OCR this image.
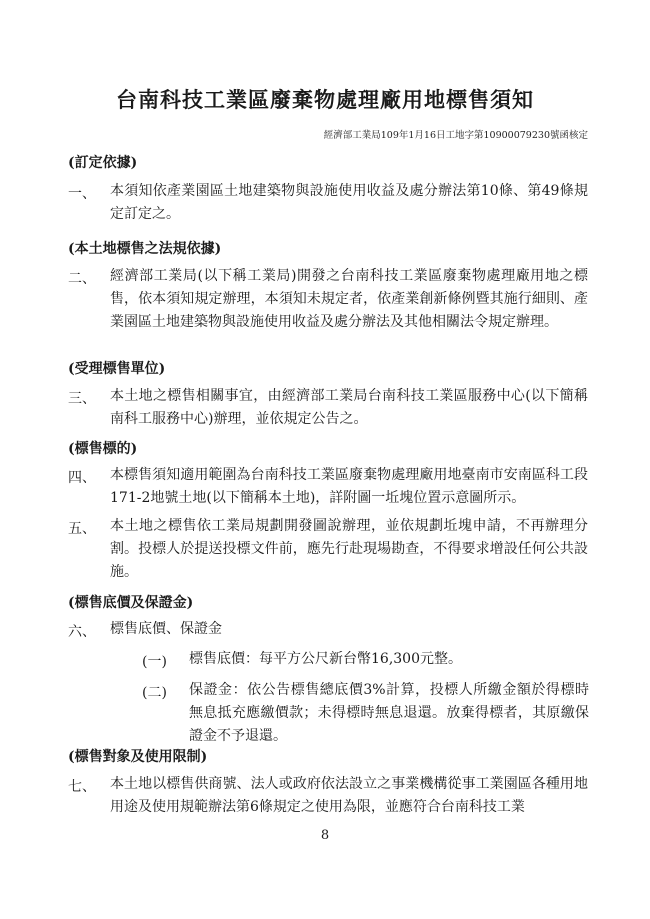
台南科技工業區廢棄物處理廠用地標售須知
經濟部工業局109年1月16日工地字第10900079230號函核定
(訂定依據)
一、 本須知依產業園區土地建築物與設施使用收益及處分辦法第10條、第49條規定訂定之。
(本土地標售之法規依據)
二、 經濟部工業局(以下稱工業局)開發之台南科技工業區廢棄物處理廠用地之標售，依本須知規定辦理，本須知未規定者，依產業創新條例暨其施行細則、產業園區土地建築物與設施使用收益及處分辦法及其他相關法令規定辦理。
(受理標售單位)
三、 本土地之標售相關事宜，由經濟部工業局台南科技工業區服務中心(以下簡稱南科工服務中心)辦理，並依規定公告之。
(標售標的)
四、 本標售須知適用範圍為台南科技工業區廢棄物處理廠用地臺南市安南區科工段171-2地號土地(以下簡稱本土地)，詳附圖一坵塊位置示意圖所示。
五、 本土地之標售依工業局規劃開發圖說辦理，並依規劃坵塊申請，不再辦理分割。投標人於提送投標文件前，應先行赴現場勘查，不得要求增設任何公共設施。
(標售底價及保證金)
六、 標售底價、保證金
(一) 標售底價：每平方公尺新台幣16,300元整。
(二) 保證金：依公告標售總底價3%計算，投標人所繳金額於得標時無息抵充應繳價款；未得標時無息退還。放棄得標者，其原繳保證金不予退還。
(標售對象及使用限制)
七、 本土地以標售供商號、法人或政府依法設立之事業機構從事工業園區各種用地用途及使用規範辦法第6條規定之使用為限，並應符合台南科技工業
8
